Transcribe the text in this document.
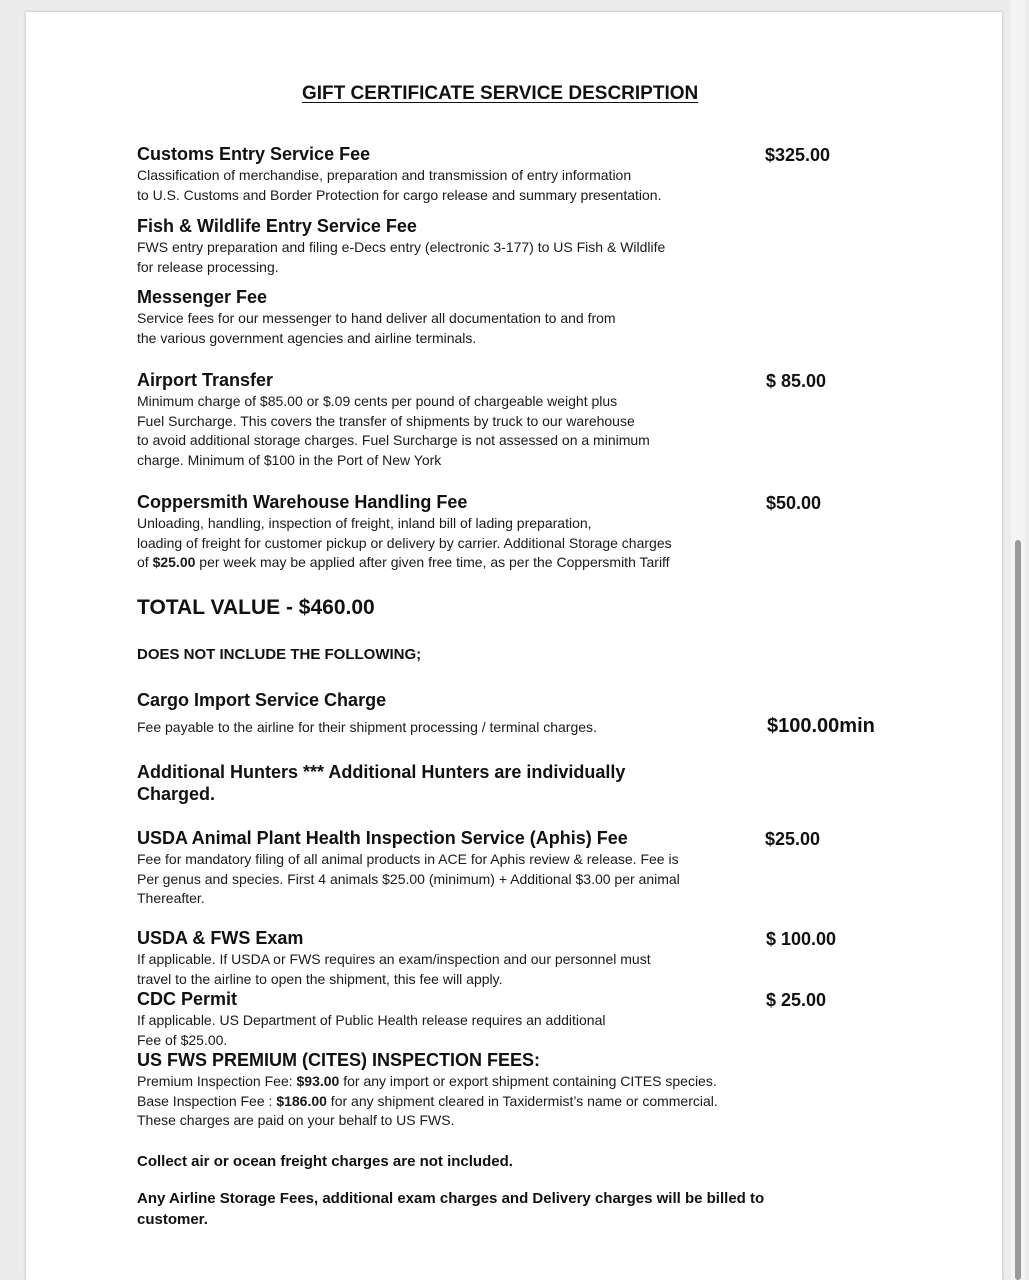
GIFT CERTIFICATE SERVICE DESCRIPTION
Customs Entry Service Fee	$325.00
Classification of merchandise, preparation and transmission of entry information
to U.S. Customs and Border Protection for cargo release and summary presentation.
Fish & Wildlife Entry Service Fee
FWS entry preparation and filing e-Decs entry (electronic 3-177) to US Fish & Wildlife
for release processing.
Messenger Fee
Service fees for our messenger to hand deliver all documentation to and from
the various government agencies and airline terminals.
Airport Transfer	$ 85.00
Minimum charge of $85.00 or $.09 cents per pound of chargeable weight plus
Fuel Surcharge. This covers the transfer of shipments by truck to our warehouse
to avoid additional storage charges. Fuel Surcharge is not assessed on a minimum
charge. Minimum of $100 in the Port of New York
Coppersmith Warehouse Handling Fee	$50.00
Unloading, handling, inspection of freight, inland bill of lading preparation,
loading of freight for customer pickup or delivery by carrier. Additional Storage charges
of $25.00 per week may be applied after given free time, as per the Coppersmith Tariff
TOTAL VALUE - $460.00
DOES NOT INCLUDE THE FOLLOWING;
Cargo Import Service Charge
Fee payable to the airline for their shipment processing / terminal charges.	$100.00min
Additional Hunters *** Additional Hunters are individually
Charged.
USDA Animal Plant Health Inspection Service (Aphis) Fee	$25.00
Fee for mandatory filing of all animal products in ACE for Aphis review & release. Fee is
Per genus and species. First 4 animals $25.00 (minimum) + Additional $3.00 per animal
Thereafter.
USDA & FWS Exam	$ 100.00
If applicable. If USDA or FWS requires an exam/inspection and our personnel must
travel to the airline to open the shipment, this fee will apply.
CDC Permit	$ 25.00
If applicable. US Department of Public Health release requires an additional
Fee of $25.00.
US FWS PREMIUM (CITES) INSPECTION FEES:
Premium Inspection Fee: $93.00 for any import or export shipment containing CITES species.
Base Inspection Fee : $186.00 for any shipment cleared in Taxidermist’s name or commercial.
These charges are paid on your behalf to US FWS.
Collect air or ocean freight charges are not included.
Any Airline Storage Fees, additional exam charges and Delivery charges will be billed to
customer.
